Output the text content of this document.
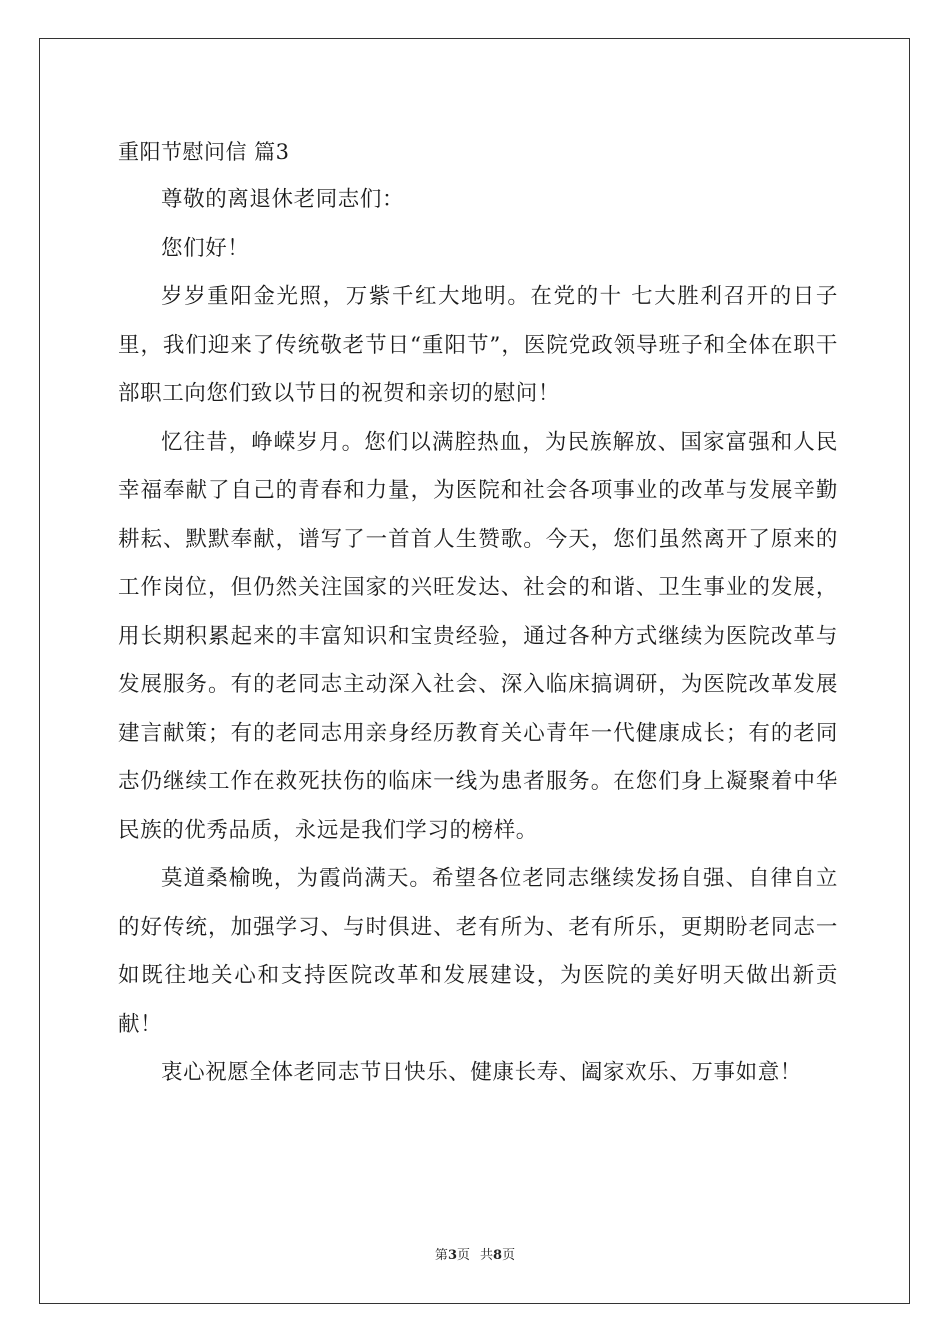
重阳节慰问信 篇3

尊敬的离退休老同志们：

您们好！

岁岁重阳金光照，万紫千红大地明。在党的十 七大胜利召开的日子里，我们迎来了传统敬老节日“重阳节”，医院党政领导班子和全体在职干部职工向您们致以节日的祝贺和亲切的慰问！

忆往昔，峥嵘岁月。您们以满腔热血，为民族解放、国家富强和人民幸福奉献了自己的青春和力量，为医院和社会各项事业的改革与发展辛勤耕耘、默默奉献，谱写了一首首人生赞歌。今天，您们虽然离开了原来的工作岗位，但仍然关注国家的兴旺发达、社会的和谐、卫生事业的发展，用长期积累起来的丰富知识和宝贵经验，通过各种方式继续为医院改革与发展服务。有的老同志主动深入社会、深入临床搞调研，为医院改革发展建言献策；有的老同志用亲身经历教育关心青年一代健康成长；有的老同志仍继续工作在救死扶伤的临床一线为患者服务。在您们身上凝聚着中华民族的优秀品质，永远是我们学习的榜样。

莫道桑榆晚，为霞尚满天。希望各位老同志继续发扬自强、自律自立的好传统，加强学习、与时俱进、老有所为、老有所乐，更期盼老同志一如既往地关心和支持医院改革和发展建设，为医院的美好明天做出新贡献！

衷心祝愿全体老同志节日快乐、健康长寿、阖家欢乐、万事如意！

第3页 共8页
